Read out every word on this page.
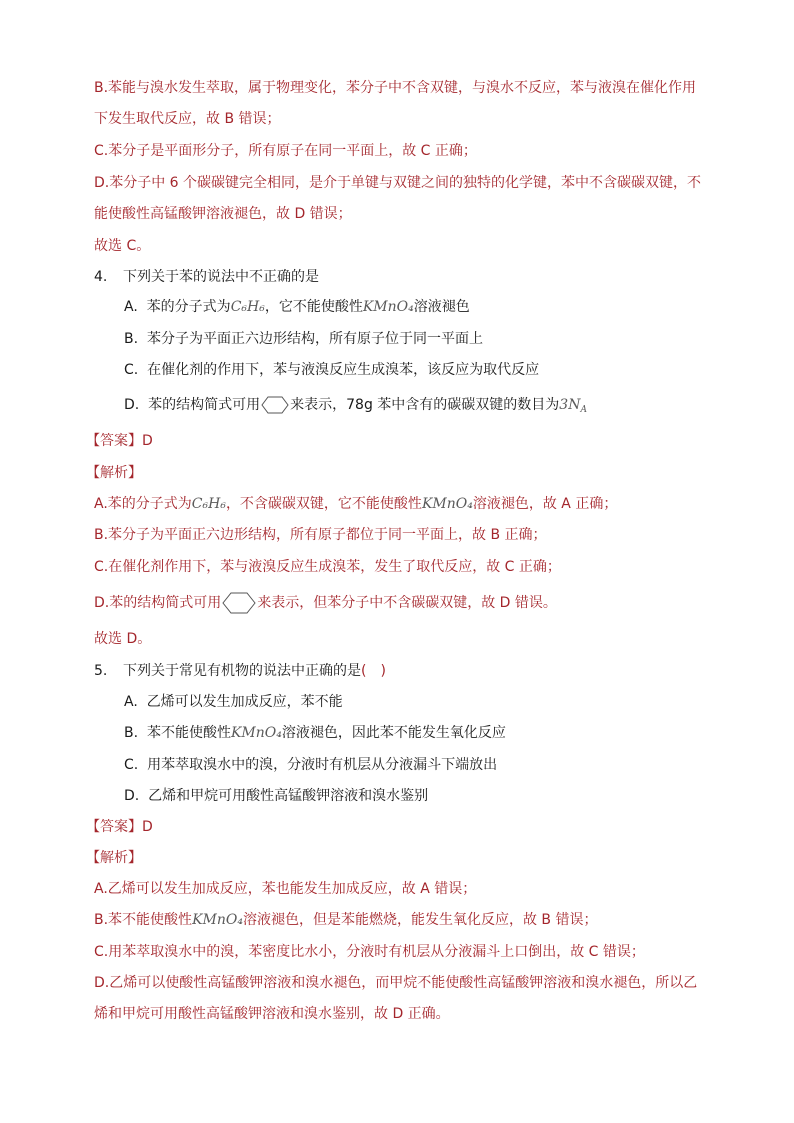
B.苯能与溴水发生萃取，属于物理变化，苯分子中不含双键，与溴水不反应，苯与液溴在催化作用
下发生取代反应，故 B 错误；
C.苯分子是平面形分子，所有原子在同一平面上，故 C 正确；
D.苯分子中 6 个碳碳键完全相同，是介于单键与双键之间的独特的化学键，苯中不含碳碳双键，不
能使酸性高锰酸钾溶液褪色，故 D 错误；
故选 C。
4. 下列关于苯的说法中不正确的是
A. 苯的分子式为C₆H₆，它不能使酸性KMnO₄溶液褪色
B. 苯分子为平面正六边形结构，所有原子位于同一平面上
C. 在催化剂的作用下，苯与液溴反应生成溴苯，该反应为取代反应
D. 苯的结构简式可用 来表示，78g 苯中含有的碳碳双键的数目为$3N_A$
【答案】D
【解析】
A.苯的分子式为C₆H₆，不含碳碳双键，它不能使酸性KMnO₄溶液褪色，故 A 正确；
B.苯分子为平面正六边形结构，所有原子都位于同一平面上，故 B 正确；
C.在催化剂作用下，苯与液溴反应生成溴苯，发生了取代反应，故 C 正确；
D.苯的结构简式可用	来表示，但苯分子中不含碳碳双键，故 D 错误。
故选 D。
5. 下列关于常见有机物的说法中正确的是(　)
A. 乙烯可以发生加成反应，苯不能
B. 苯不能使酸性KMnO₄溶液褪色，因此苯不能发生氧化反应
C. 用苯萃取溴水中的溴，分液时有机层从分液漏斗下端放出
D. 乙烯和甲烷可用酸性高锰酸钾溶液和溴水鉴别
【答案】D
【解析】
A.乙烯可以发生加成反应，苯也能发生加成反应，故 A 错误；
B.苯不能使酸性KMnO₄溶液褪色，但是苯能燃烧，能发生氧化反应，故 B 错误；
C.用苯萃取溴水中的溴，苯密度比水小，分液时有机层从分液漏斗上口倒出，故 C 错误；
D.乙烯可以使酸性高锰酸钾溶液和溴水褪色，而甲烷不能使酸性高锰酸钾溶液和溴水褪色，所以乙
烯和甲烷可用酸性高锰酸钾溶液和溴水鉴别，故 D 正确。
